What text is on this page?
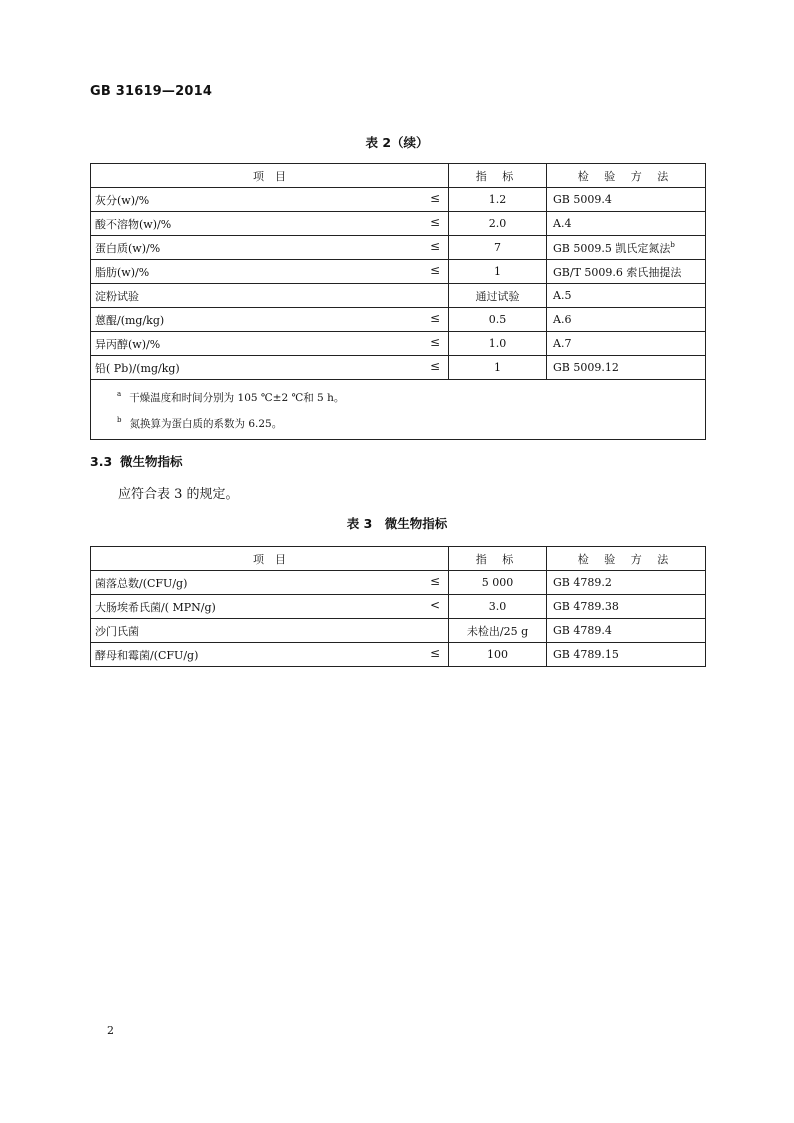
GB 31619—2014
表 2（续）
项　目	指 标	检 验 方 法
灰分(w)/% ≤	1.2	GB 5009.4
酸不溶物(w)/% ≤	2.0	A.4
蛋白质(w)/% ≤	7	GB 5009.5 凯氏定氮法$^b$
脂肪(w)/% ≤	1	GB/T 5009.6 索氏抽提法
淀粉试验	通过试验	A.5
蒽醌/(mg/kg) ≤	0.5	A.6
异丙醇(w)/% ≤	1.0	A.7
铅( Pb)/(mg/kg) ≤	1	GB 5009.12

$^a$ 干燥温度和时间分别为 105 ℃±2 ℃和 5 h。
$^b$ 氮换算为蛋白质的系数为 6.25。		
3.3 微生物指标
应符合表 3 的规定。
表 3　微生物指标
项　目	指 标	检 验 方 法
菌落总数/(CFU/g) ≤	5 000	GB 4789.2
大肠埃希氏菌/( MPN/g) <	3.0	GB 4789.38
沙门氏菌	未检出/25 g	GB 4789.4
酵母和霉菌/(CFU/g) ≤	100	GB 4789.15
2
